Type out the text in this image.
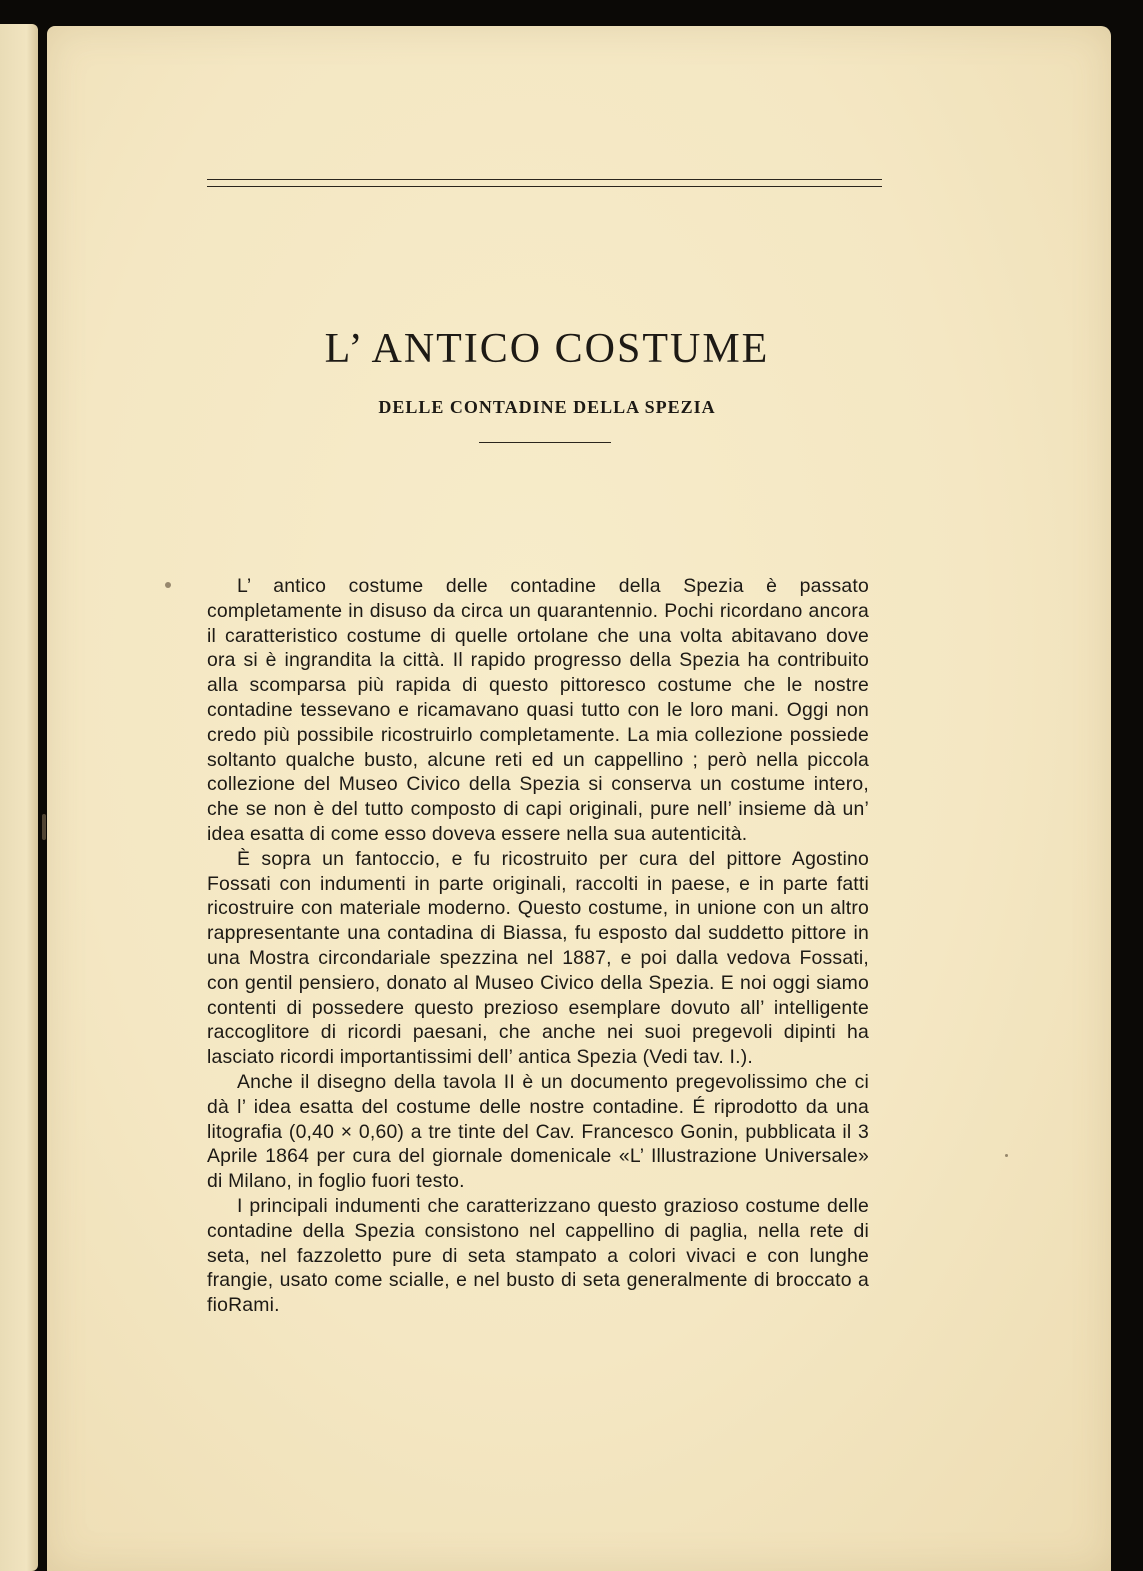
L’ ANTICO COSTUME
DELLE CONTADINE DELLA SPEZIA

L’ antico costume delle contadine della Spezia è passato completamente in disuso da circa un quarantennio. Pochi ricordano ancora il caratteristico costume di quelle ortolane che una volta abitavano dove ora si è ingrandita la città. Il rapido progresso della Spezia ha contribuito alla scomparsa più rapida di questo pittoresco costume che le nostre contadine tessevano e ricamavano quasi tutto con le loro mani. Oggi non credo più possibile ricostruirlo completamente. La mia collezione possiede soltanto qualche busto, alcune reti ed un cappellino ; però nella piccola collezione del Museo Civico della Spezia si conserva un costume intero, che se non è del tutto composto di capi originali, pure nell’ insieme dà un’ idea esatta di come esso doveva essere nella sua autenticità.

È sopra un fantoccio, e fu ricostruito per cura del pittore Agostino Fossati con indumenti in parte originali, raccolti in paese, e in parte fatti ricostruire con materiale moderno. Questo costume, in unione con un altro rappresentante una contadina di Biassa, fu esposto dal suddetto pittore in una Mostra circondariale spezzina nel 1887, e poi dalla vedova Fossati, con gentil pensiero, donato al Museo Civico della Spezia. E noi oggi siamo contenti di possedere questo prezioso esemplare dovuto all’ intelligente raccoglitore di ricordi paesani, che anche nei suoi pregevoli dipinti ha lasciato ricordi importantissimi dell’ antica Spezia (Vedi tav. I.).

Anche il disegno della tavola II è un documento pregevolissimo che ci dà l’ idea esatta del costume delle nostre contadine. É riprodotto da una litografia (0,40 × 0,60) a tre tinte del Cav. Francesco Gonin, pubblicata il 3 Aprile 1864 per cura del giornale domenicale «L’ Illustrazione Universale» di Milano, in foglio fuori testo.

I principali indumenti che caratterizzano questo grazioso costume delle contadine della Spezia consistono nel cappellino di paglia, nella rete di seta, nel fazzoletto pure di seta stampato a colori vivaci e con lunghe frangie, usato come scialle, e nel busto di seta generalmente di broccato a fioRami.
